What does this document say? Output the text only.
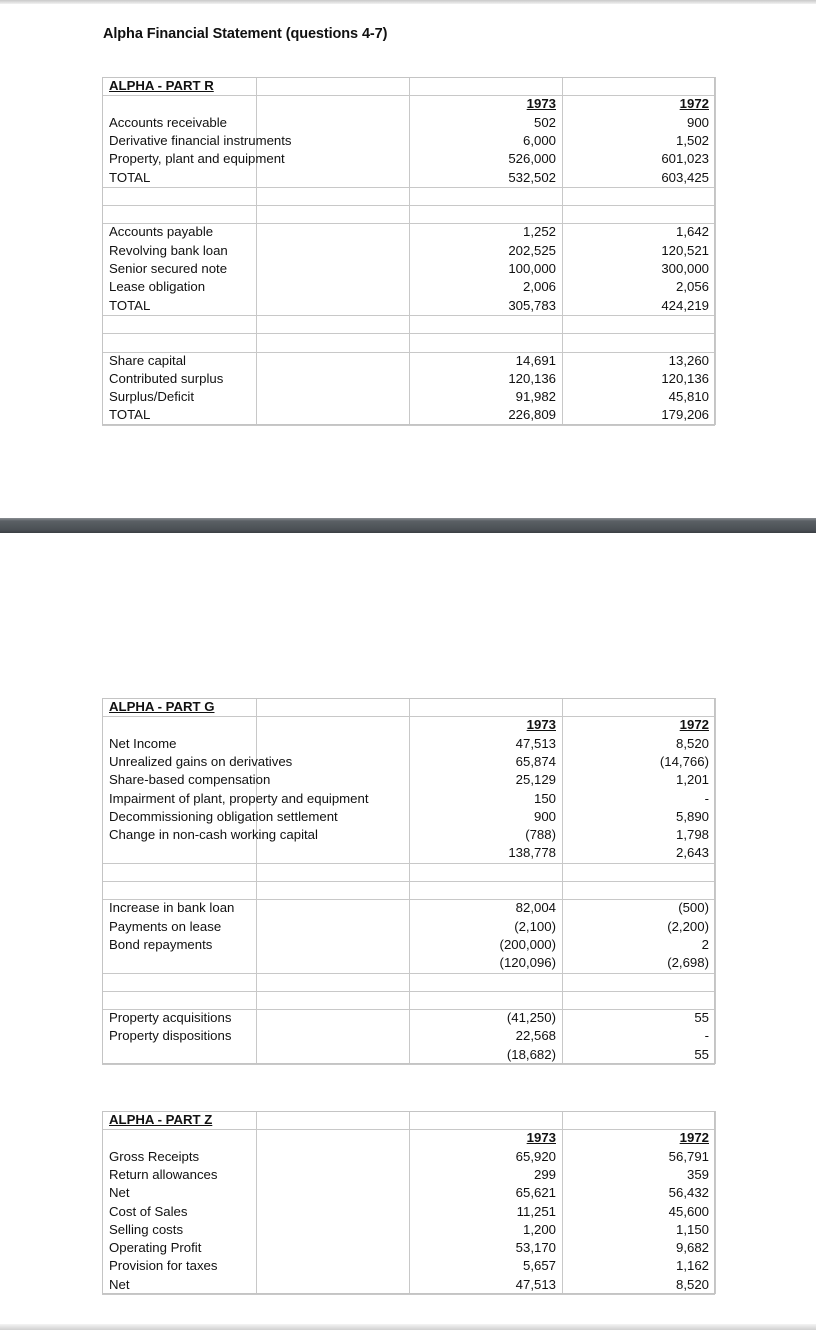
Alpha Financial Statement (questions 4-7)
ALPHA - PART R
1973	1972
Accounts receivable	502	900
Derivative financial instruments	6,000	1,502
Property, plant and equipment	526,000	601,023
TOTAL	532,502	603,425
Accounts payable	1,252	1,642
Revolving bank loan	202,525	120,521
Senior secured note	100,000	300,000
Lease obligation	2,006	2,056
TOTAL	305,783	424,219
Share capital	14,691	13,260
Contributed surplus	120,136	120,136
Surplus/Deficit	91,982	45,810
TOTAL	226,809	179,206
ALPHA - PART G
1973	1972
Net Income	47,513	8,520
Unrealized gains on derivatives	65,874	(14,766)
Share-based compensation	25,129	1,201
Impairment of plant, property and equipment	150	-
Decommissioning obligation settlement	900	5,890
Change in non-cash working capital	(788)	1,798
138,778	2,643
Increase in bank loan	82,004	(500)
Payments on lease	(2,100)	(2,200)
Bond repayments	(200,000)	2
(120,096)	(2,698)
Property acquisitions	(41,250)	55
Property dispositions	22,568	-
(18,682)	55
ALPHA - PART Z
1973	1972
Gross Receipts	65,920	56,791
Return allowances	299	359
Net	65,621	56,432
Cost of Sales	11,251	45,600
Selling costs	1,200	1,150
Operating Profit	53,170	9,682
Provision for taxes	5,657	1,162
Net	47,513	8,520
